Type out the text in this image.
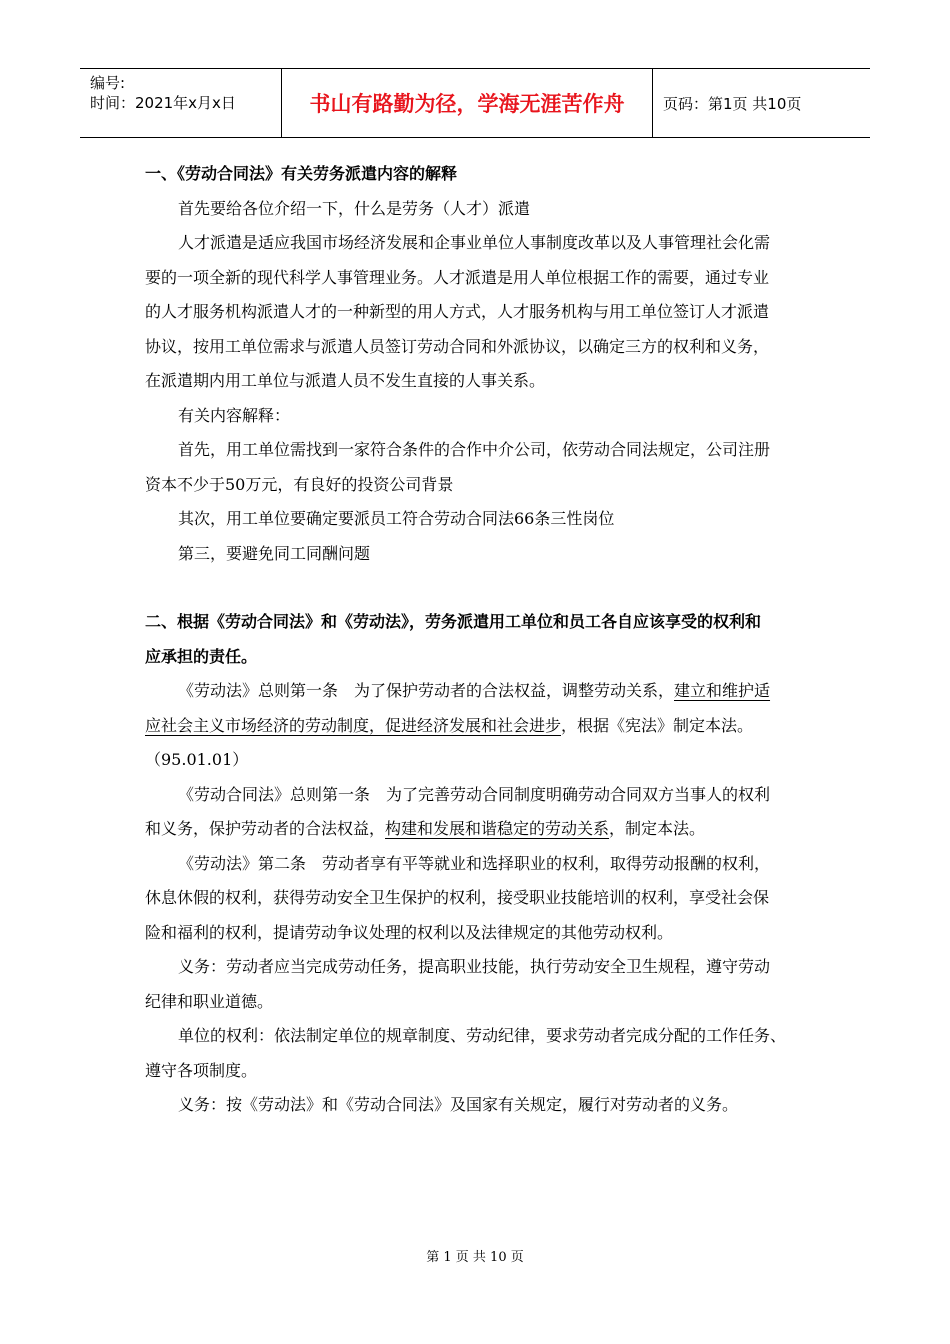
编号:
时间：2021年x月x日	书山有路勤为径，学海无涯苦作舟	页码：第1页 共10页
一、《劳动合同法》有关劳务派遣内容的解释
首先要给各位介绍一下，什么是劳务（人才）派遣
人才派遣是适应我国市场经济发展和企事业单位人事制度改革以及人事管理社会化需
要的一项全新的现代科学人事管理业务。人才派遣是用人单位根据工作的需要，通过专业
的人才服务机构派遣人才的一种新型的用人方式，人才服务机构与用工单位签订人才派遣
协议，按用工单位需求与派遣人员签订劳动合同和外派协议，以确定三方的权利和义务，
在派遣期内用工单位与派遣人员不发生直接的人事关系。
有关内容解释：
首先，用工单位需找到一家符合条件的合作中介公司，依劳动合同法规定，公司注册
资本不少于50万元，有良好的投资公司背景
其次，用工单位要确定要派员工符合劳动合同法66条三性岗位
第三，要避免同工同酬问题
二、根据《劳动合同法》和《劳动法》，劳务派遣用工单位和员工各自应该享受的权利和
应承担的责任。
《劳动法》总则第一条　为了保护劳动者的合法权益，调整劳动关系，建立和维护适
应社会主义市场经济的劳动制度，促进经济发展和社会进步，根据《宪法》制定本法。
（95.01.01）
《劳动合同法》总则第一条　为了完善劳动合同制度明确劳动合同双方当事人的权利
和义务，保护劳动者的合法权益，构建和发展和谐稳定的劳动关系，制定本法。
《劳动法》第二条　劳动者享有平等就业和选择职业的权利，取得劳动报酬的权利，
休息休假的权利，获得劳动安全卫生保护的权利，接受职业技能培训的权利，享受社会保
险和福利的权利，提请劳动争议处理的权利以及法律规定的其他劳动权利。
义务：劳动者应当完成劳动任务，提高职业技能，执行劳动安全卫生规程，遵守劳动
纪律和职业道德。
单位的权利：依法制定单位的规章制度、劳动纪律，要求劳动者完成分配的工作任务、
遵守各项制度。
义务：按《劳动法》和《劳动合同法》及国家有关规定，履行对劳动者的义务。
第 1 页 共 10 页
